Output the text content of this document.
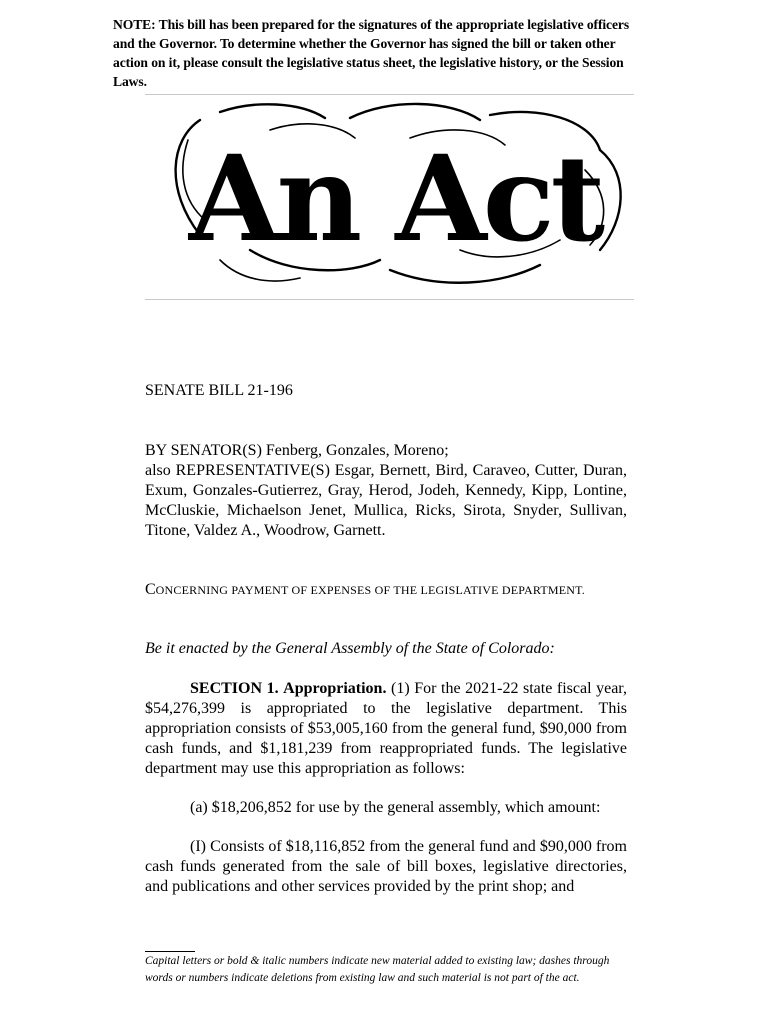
NOTE: This bill has been prepared for the signatures of the appropriate legislative officers and the Governor. To determine whether the Governor has signed the bill or taken other action on it, please consult the legislative status sheet, the legislative history, or the Session Laws.
An Act
SENATE BILL 21-196
BY SENATOR(S) Fenberg, Gonzales, Moreno;
also REPRESENTATIVE(S) Esgar, Bernett, Bird, Caraveo, Cutter, Duran, Exum, Gonzales-Gutierrez, Gray, Herod, Jodeh, Kennedy, Kipp, Lontine, McCluskie, Michaelson Jenet, Mullica, Ricks, Sirota, Snyder, Sullivan, Titone, Valdez A., Woodrow, Garnett.
CONCERNING PAYMENT OF EXPENSES OF THE LEGISLATIVE DEPARTMENT.
Be it enacted by the General Assembly of the State of Colorado:
SECTION 1. Appropriation. (1) For the 2021-22 state fiscal year, $54,276,399 is appropriated to the legislative department. This appropriation consists of $53,005,160 from the general fund, $90,000 from cash funds, and $1,181,239 from reappropriated funds. The legislative department may use this appropriation as follows:
(a) $18,206,852 for use by the general assembly, which amount:
(I) Consists of $18,116,852 from the general fund and $90,000 from cash funds generated from the sale of bill boxes, legislative directories, and publications and other services provided by the print shop; and
Capital letters or bold & italic numbers indicate new material added to existing law; dashes through words or numbers indicate deletions from existing law and such material is not part of the act.
